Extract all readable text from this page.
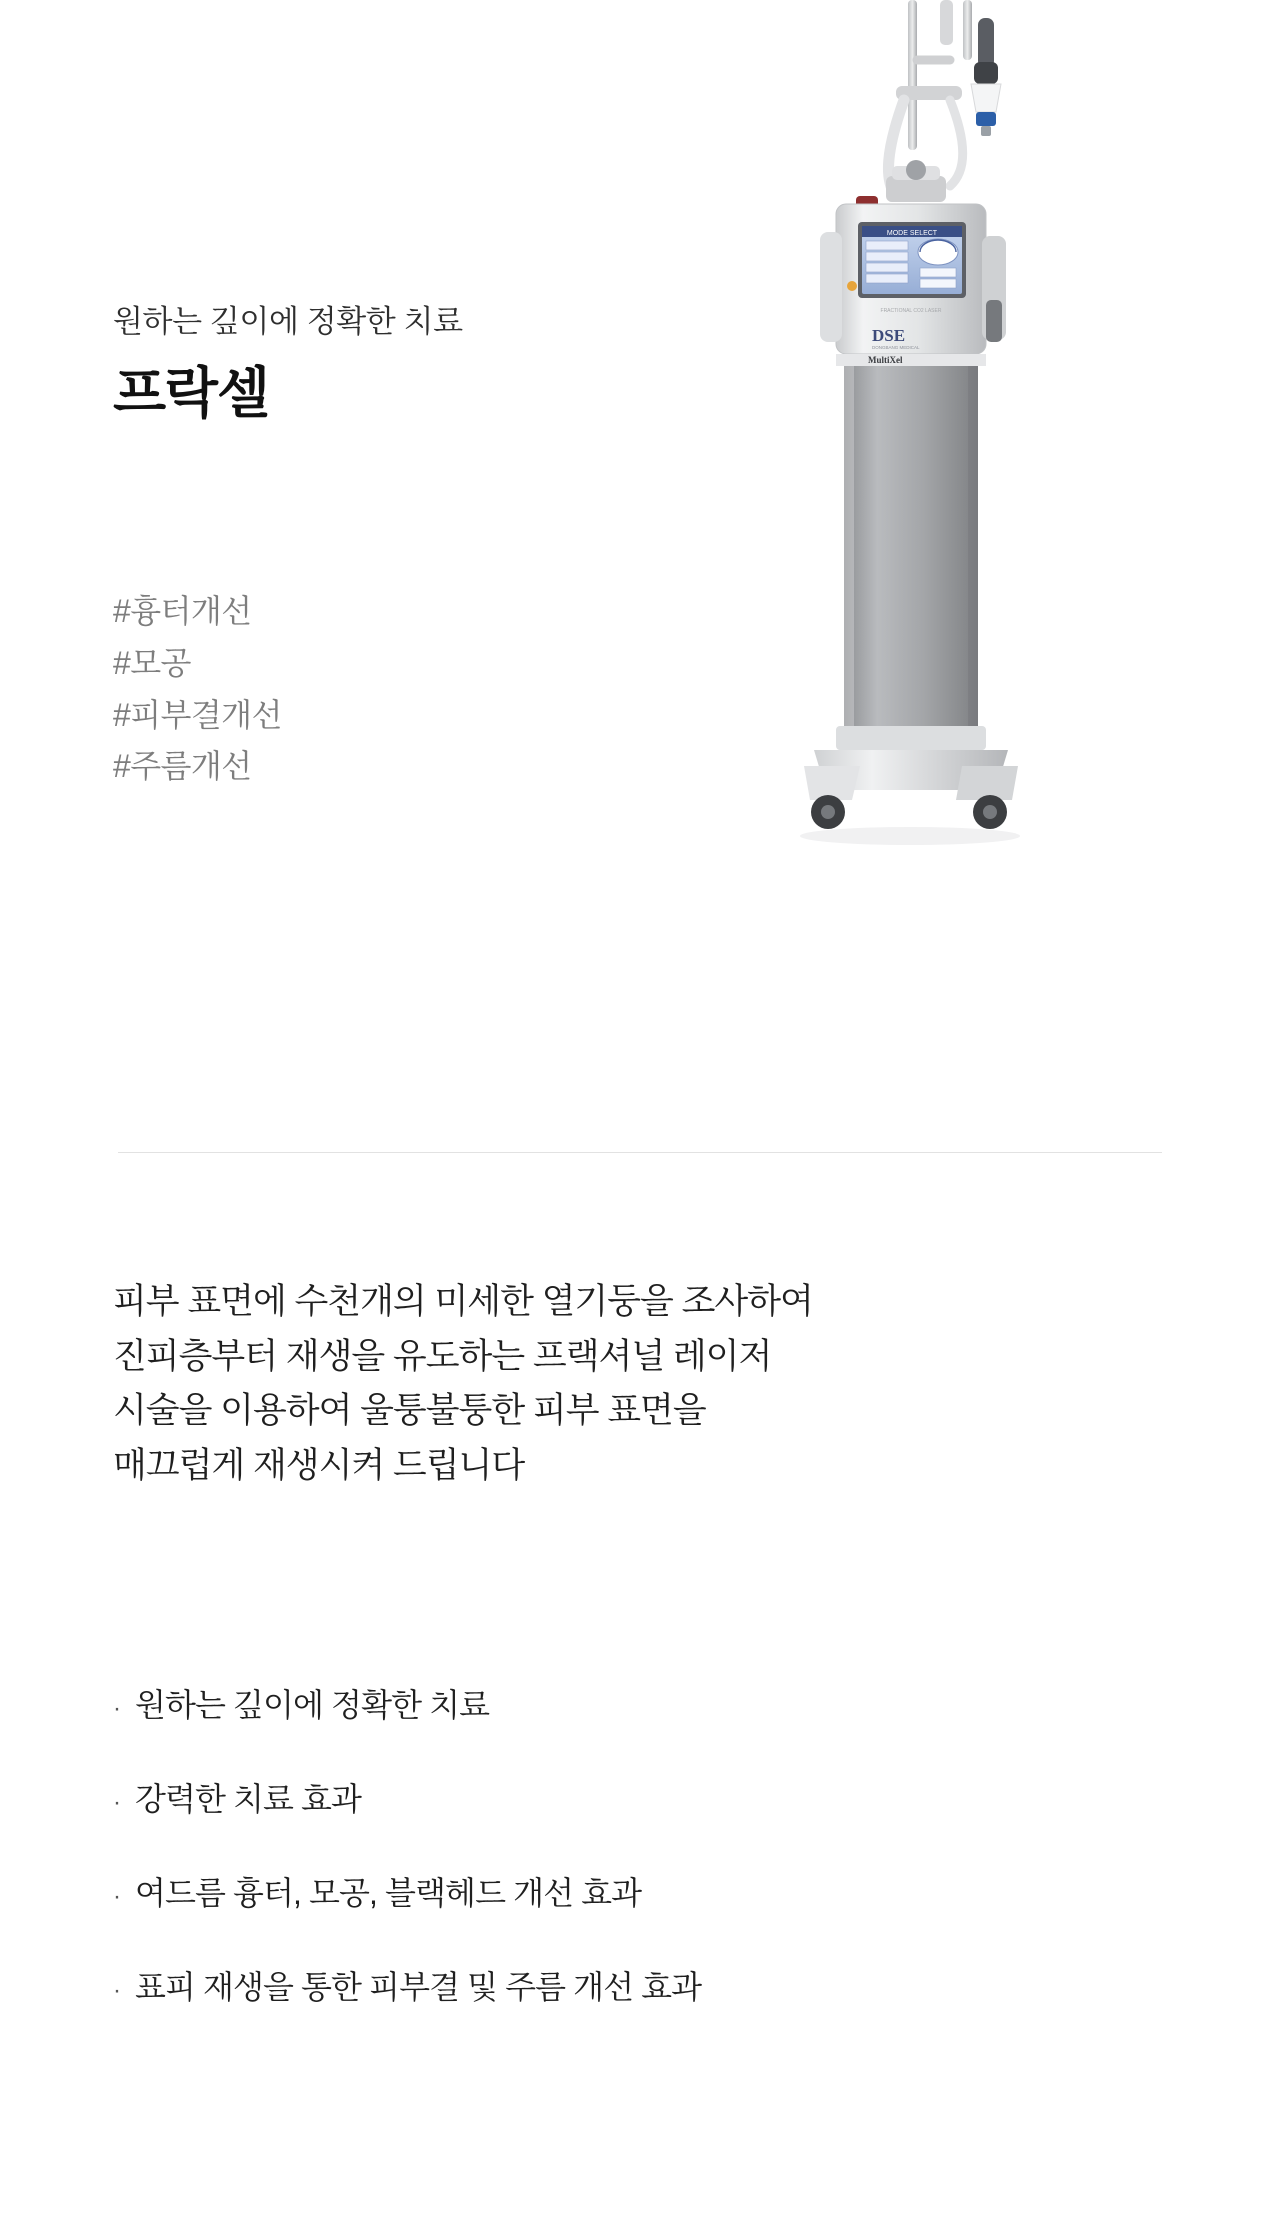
원하는 깊이에 정확한 치료

프락셀
#흉터개선
#모공
#피부결개선
#주름개선
MODE SELECT
FRACTIONAL CO2 LASER
DSE
DONGBANG MEDICAL
MultiXel
피부 표면에 수천개의 미세한 열기둥을 조사하여
진피층부터 재생을 유도하는 프랙셔널 레이저
시술을 이용하여 울퉁불퉁한 피부 표면을
매끄럽게 재생시켜 드립니다
· 원하는 깊이에 정확한 치료
· 강력한 치료 효과
· 여드름 흉터, 모공, 블랙헤드 개선 효과
· 표피 재생을 통한 피부결 및 주름 개선 효과
